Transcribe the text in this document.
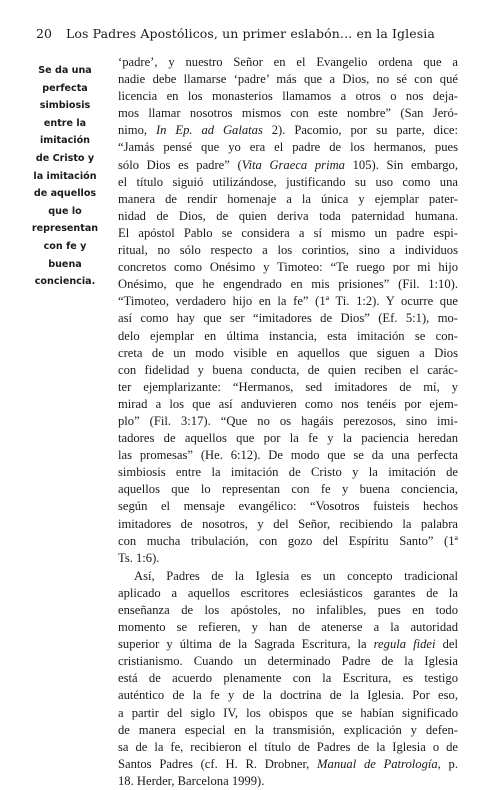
20 Los Padres Apostólicos, un primer eslabón… en la Iglesia
Se da una
perfecta
simbiosis
entre la
imitación
de Cristo y
la imitación
de aquellos
que lo
representan
con fe y
buena
conciencia.
‘padre’, y nuestro Señor en el Evangelio ordena que a
nadie debe llamarse ‘padre’ más que a Dios, no sé con qué
licencia en los monasterios llamamos a otros o nos deja-
mos llamar nosotros mismos con este nombre” (San Jeró-
nimo, In Ep. ad Galatas 2). Pacomio, por su parte, dice:
“Jamás pensé que yo era el padre de los hermanos, pues
sólo Dios es padre” (Vita Graeca prima 105). Sin embargo,
el título siguió utilizándose, justificando su uso como una
manera de rendir homenaje a la única y ejemplar pater-
nidad de Dios, de quien deriva toda paternidad humana.
El apóstol Pablo se considera a sí mismo un padre espi-
ritual, no sólo respecto a los corintios, sino a individuos
concretos como Onésimo y Timoteo: “Te ruego por mi hijo
Onésimo, que he engendrado en mis prisiones” (Fil. 1:10).
“Timoteo, verdadero hijo en la fe” (1ª Ti. 1:2). Y ocurre que
así como hay que ser “imitadores de Dios” (Ef. 5:1), mo-
delo ejemplar en última instancia, esta imitación se con-
creta de un modo visible en aquellos que siguen a Dios
con fidelidad y buena conducta, de quien reciben el carác-
ter ejemplarizante: “Hermanos, sed imitadores de mí, y
mirad a los que así anduvieren como nos tenéis por ejem-
plo” (Fil. 3:17). “Que no os hagáis perezosos, sino imi-
tadores de aquellos que por la fe y la paciencia heredan
las promesas” (He. 6:12). De modo que se da una perfecta
simbiosis entre la imitación de Cristo y la imitación de
aquellos que lo representan con fe y buena conciencia,
según el mensaje evangélico: “Vosotros fuisteis hechos
imitadores de nosotros, y del Señor, recibiendo la palabra
con mucha tribulación, con gozo del Espíritu Santo” (1ª
Ts. 1:6).
Así, Padres de la Iglesia es un concepto tradicional
aplicado a aquellos escritores eclesiásticos garantes de la
enseñanza de los apóstoles, no infalibles, pues en todo
momento se refieren, y han de atenerse a la autoridad
superior y última de la Sagrada Escritura, la regula fidei del
cristianismo. Cuando un determinado Padre de la Iglesia
está de acuerdo plenamente con la Escritura, es testigo
auténtico de la fe y de la doctrina de la Iglesia. Por eso,
a partir del siglo IV, los obispos que se habían significado
de manera especial en la transmisión, explicación y defen-
sa de la fe, recibieron el título de Padres de la Iglesia o de
Santos Padres (cf. H. R. Drobner, Manual de Patrología, p.
18. Herder, Barcelona 1999).
